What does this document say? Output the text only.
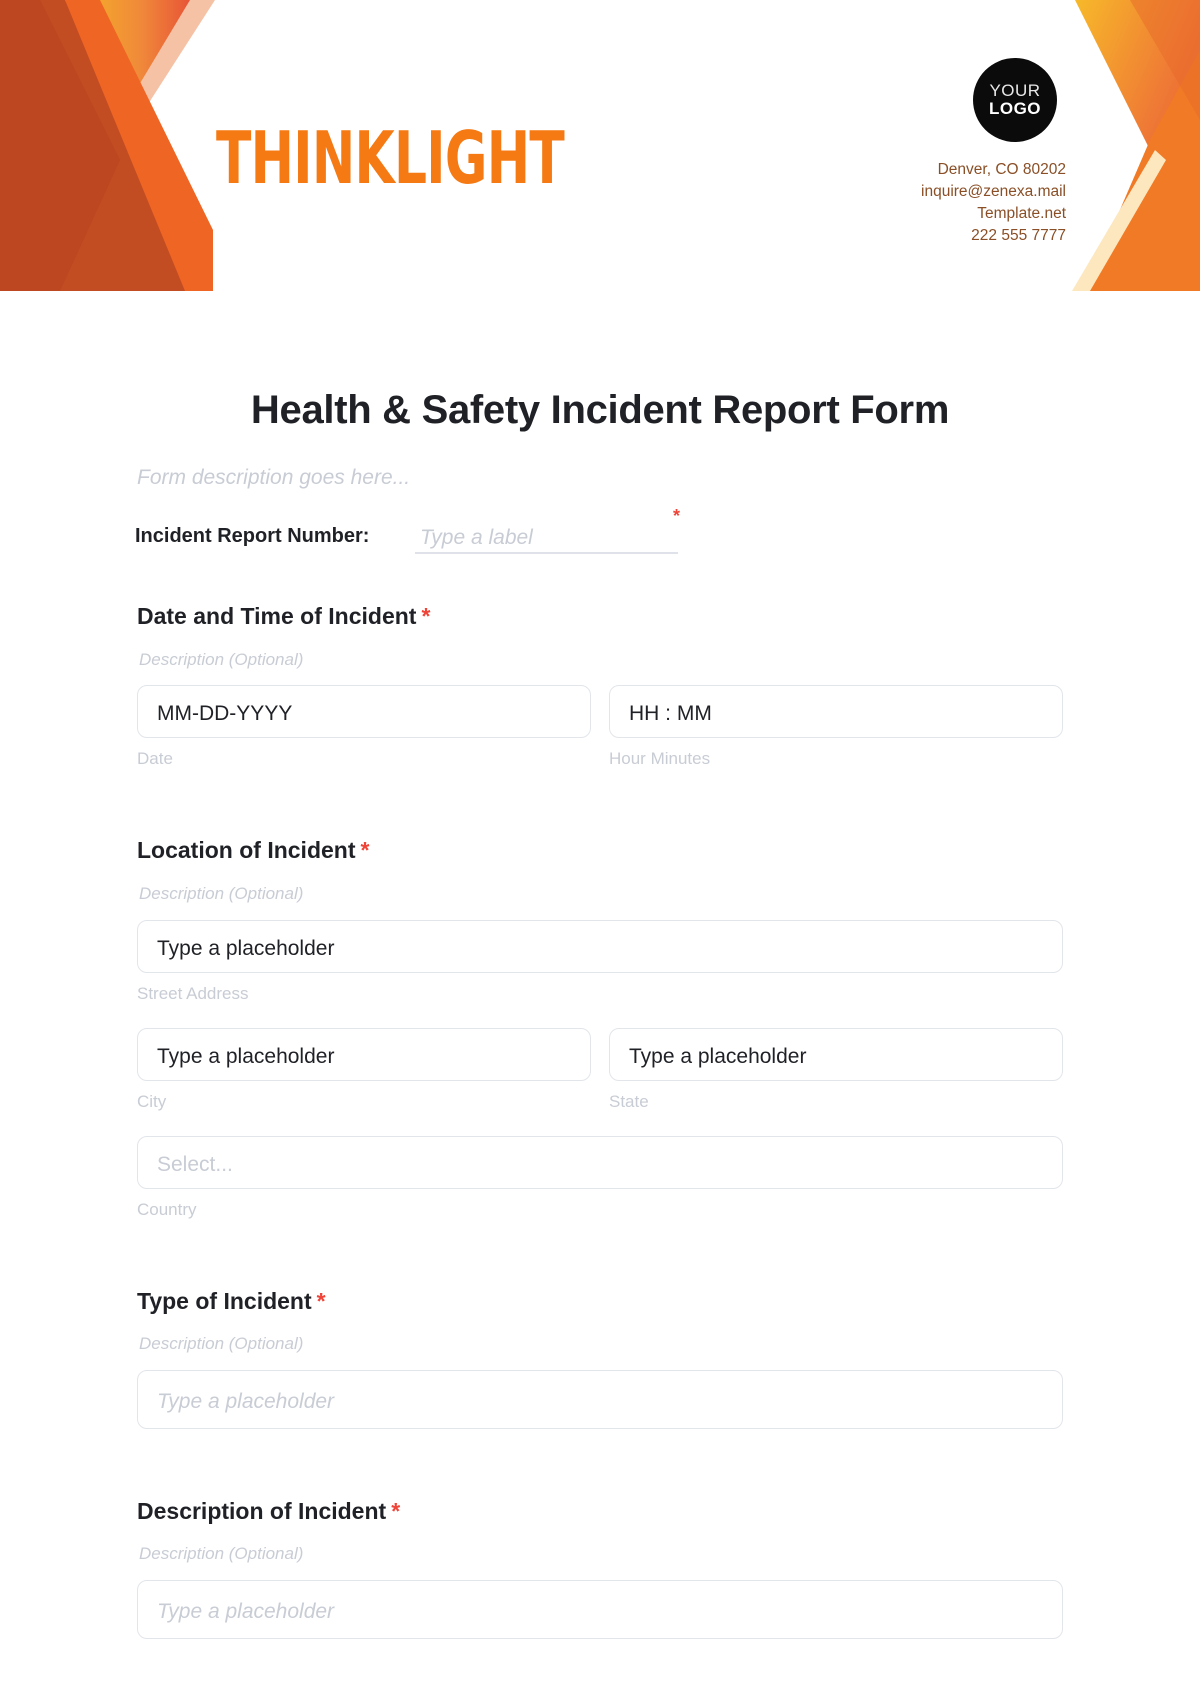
THINKLIGHT
YOUR
LOGO
Denver, CO 80202
inquire@zenexa.mail
Template.net
222 555 7777
Health & Safety Incident Report Form
Form description goes here...
Incident Report Number: Type a label
*
Date and Time of Incident *
Description (Optional)
MM-DD-YYYY
Date
HH : MM
Hour Minutes
Location of Incident *
Description (Optional)
Type a placeholder
Street Address
Type a placeholder
City
Type a placeholder
State
Select...
Country
Type of Incident *
Description (Optional)
Type a placeholder
Description of Incident *
Description (Optional)
Type a placeholder
